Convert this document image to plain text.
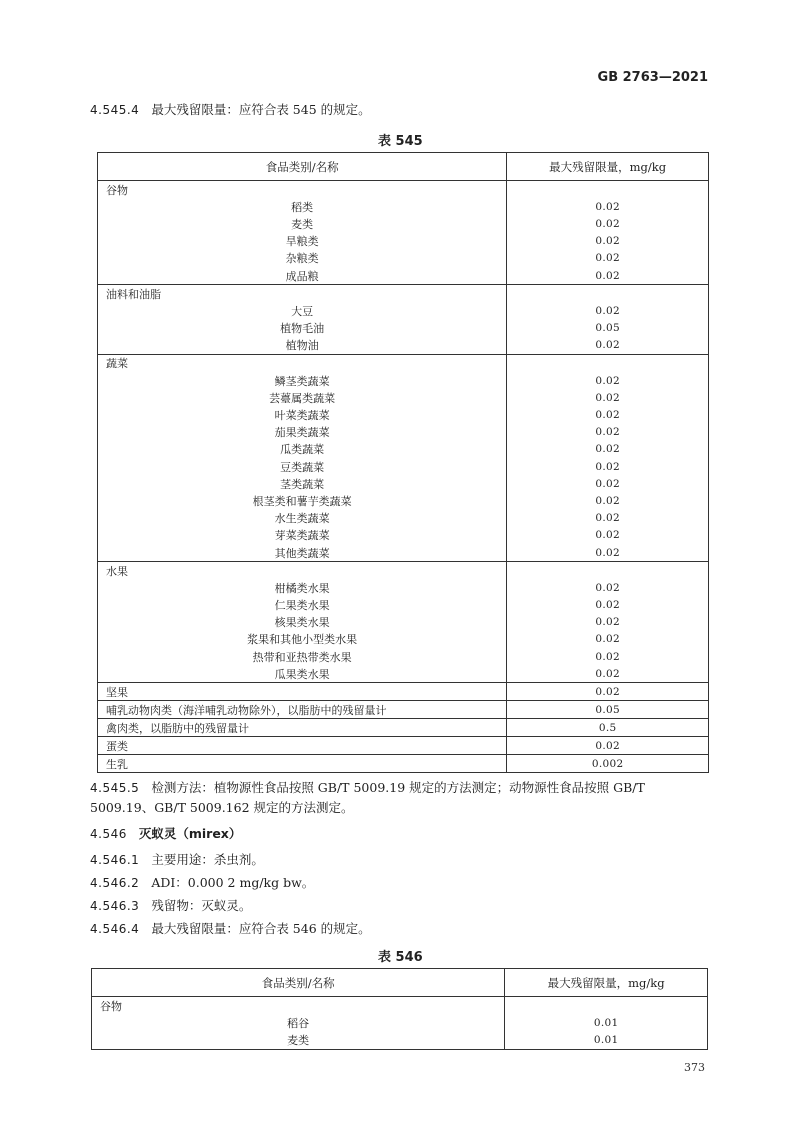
GB 2763—2021
4.545.4 最大残留限量：应符合表 545 的规定。
表 545
食品类别/名称	最大残留限量，mg/kg
谷物	
稻类	0.02
麦类	0.02
旱粮类	0.02
杂粮类	0.02
成品粮	0.02
油料和油脂	
大豆	0.02
植物毛油	0.05
植物油	0.02
蔬菜	
鳞茎类蔬菜	0.02
芸薹属类蔬菜	0.02
叶菜类蔬菜	0.02
茄果类蔬菜	0.02
瓜类蔬菜	0.02
豆类蔬菜	0.02
茎类蔬菜	0.02
根茎类和薯芋类蔬菜	0.02
水生类蔬菜	0.02
芽菜类蔬菜	0.02
其他类蔬菜	0.02
水果	
柑橘类水果	0.02
仁果类水果	0.02
核果类水果	0.02
浆果和其他小型类水果	0.02
热带和亚热带类水果	0.02
瓜果类水果	0.02
坚果	0.02
哺乳动物肉类（海洋哺乳动物除外），以脂肪中的残留量计	0.05
禽肉类，以脂肪中的残留量计	0.5
蛋类	0.02
生乳	0.002
4.545.5 检测方法：植物源性食品按照 GB/T 5009.19 规定的方法测定；动物源性食品按照 GB/T
5009.19、GB/T 5009.162 规定的方法测定。
4.546 灭蚁灵（mirex）
4.546.1 主要用途：杀虫剂。
4.546.2 ADI：0.000 2 mg/kg bw。
4.546.3 残留物：灭蚁灵。
4.546.4 最大残留限量：应符合表 546 的规定。
表 546
食品类别/名称	最大残留限量，mg/kg
谷物	
稻谷	0.01
麦类	0.01
373
